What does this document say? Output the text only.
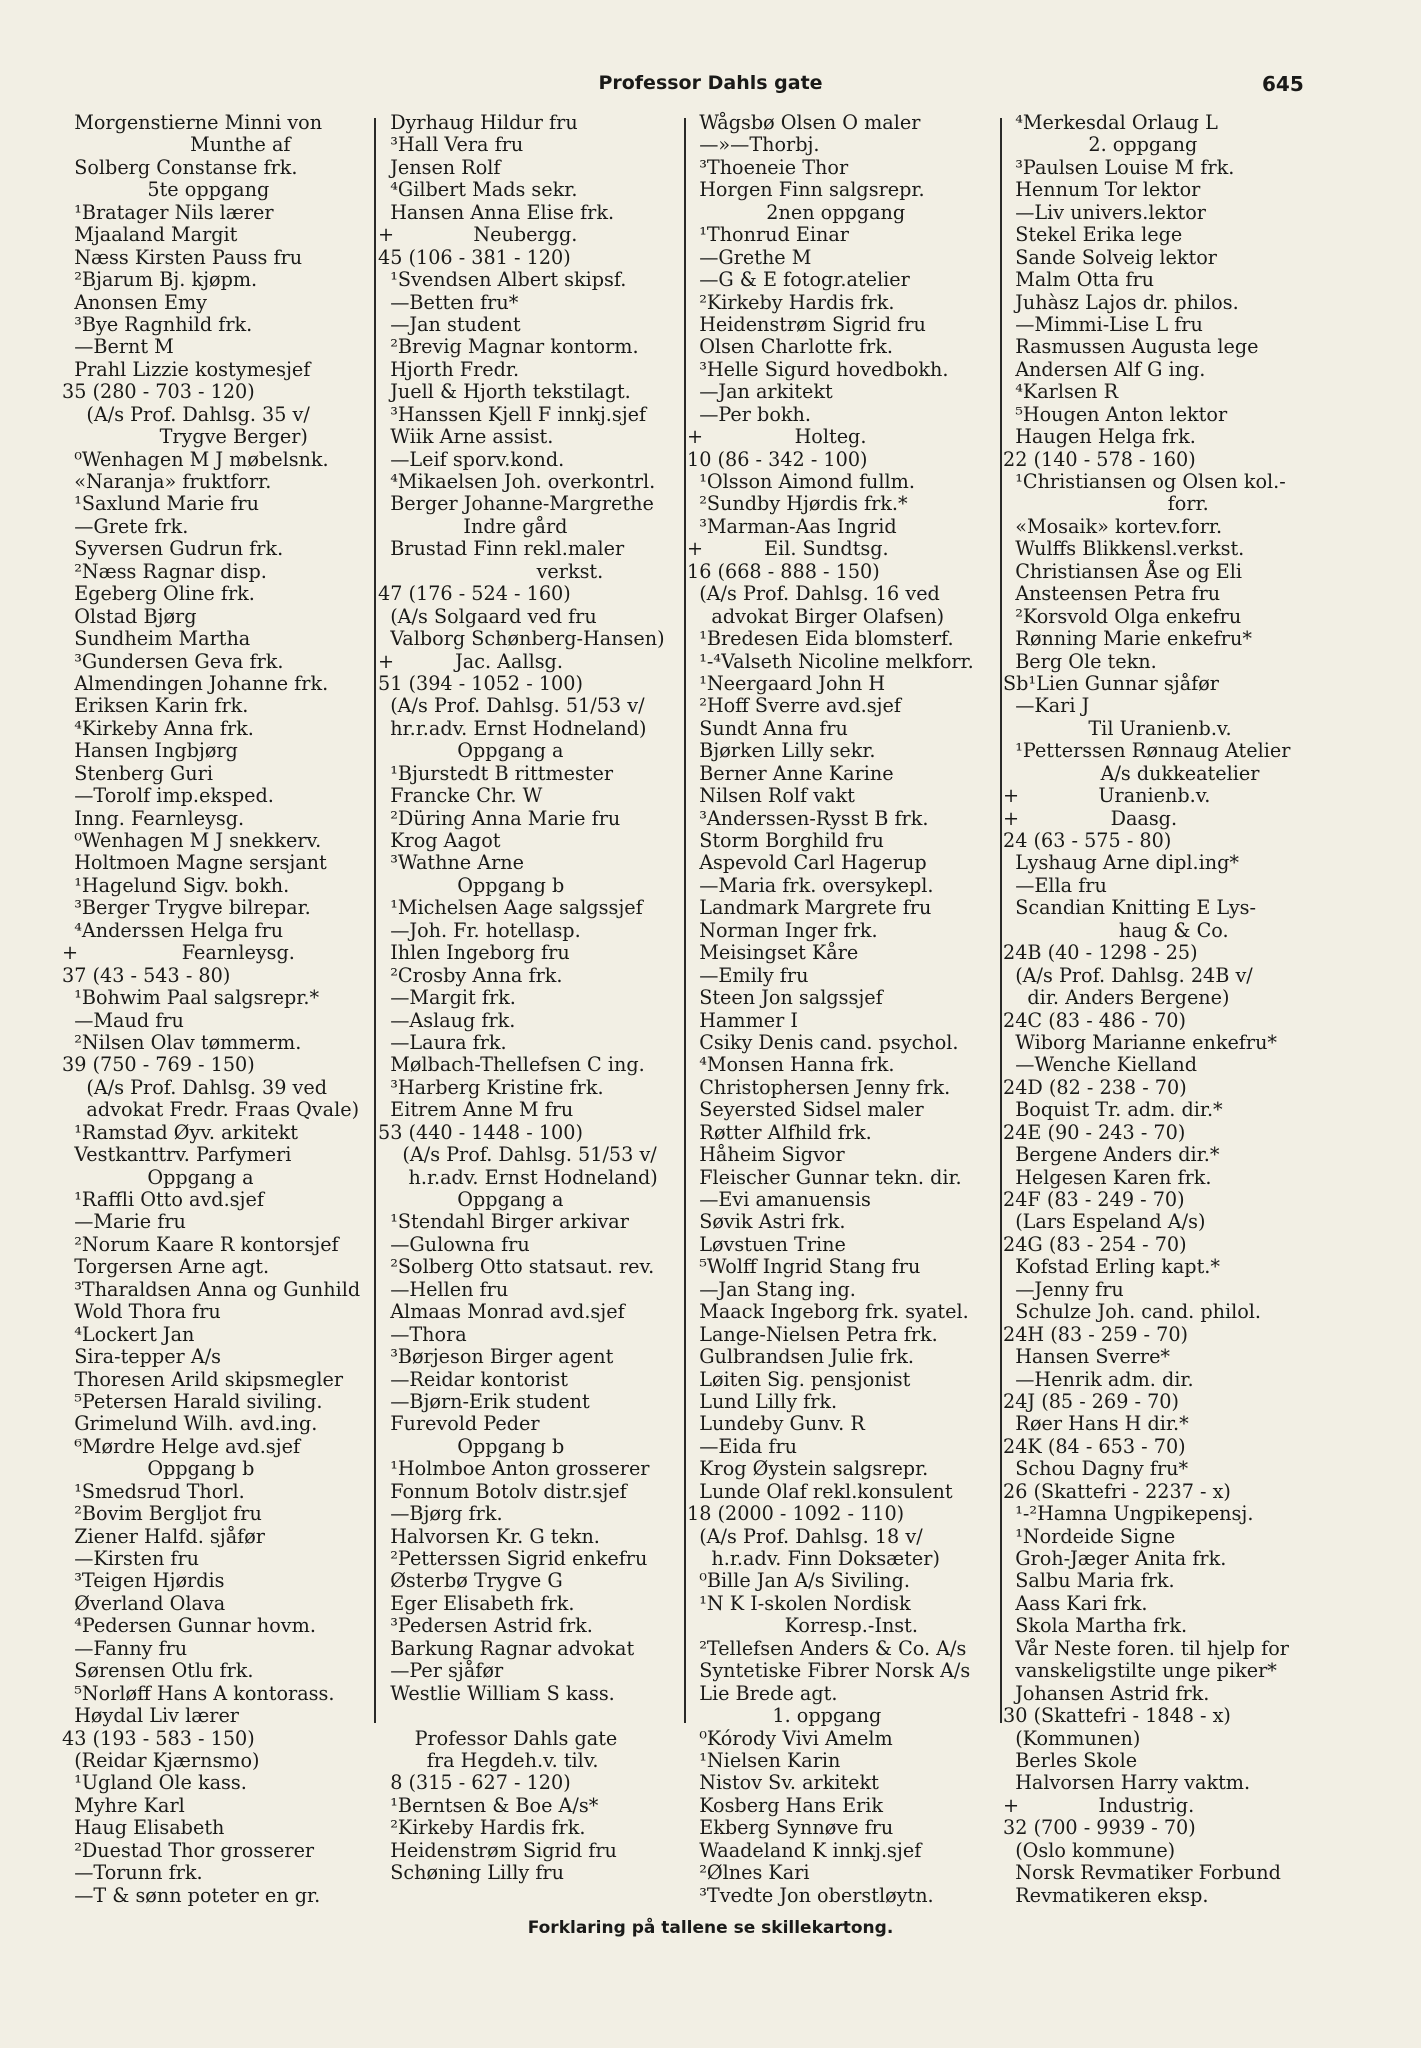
Professor Dahls gate	645
Morgenstierne Minni von
Munthe af
Solberg Constanse frk.
5te oppgang
¹Bratager Nils lærer
Mjaaland Margit
Næss Kirsten Pauss fru
²Bjarum Bj. kjøpm.
Anonsen Emy
³Bye Ragnhild frk.
—Bernt M
Prahl Lizzie kostymesjef
35 (280 - 703 - 120)
(A/s Prof. Dahlsg. 35 v/
Trygve Berger)
⁰Wenhagen M J møbelsnk.
«Naranja» fruktforr.
¹Saxlund Marie fru
—Grete frk.
Syversen Gudrun frk.
²Næss Ragnar disp.
Egeberg Oline frk.
Olstad Bjørg
Sundheim Martha
³Gundersen Geva frk.
Almendingen Johanne frk.
Eriksen Karin frk.
⁴Kirkeby Anna frk.
Hansen Ingbjørg
Stenberg Guri
—Torolf imp.eksped.
Inng. Fearnleysg.
⁰Wenhagen M J snekkerv.
Holtmoen Magne sersjant
¹Hagelund Sigv. bokh.
³Berger Trygve bilrepar.
⁴Anderssen Helga fru
+                 Fearnleysg.
37 (43 - 543 - 80)
¹Bohwim Paal salgsrepr.*
—Maud fru
²Nilsen Olav tømmerm.
39 (750 - 769 - 150)
(A/s Prof. Dahlsg. 39 ved
advokat Fredr. Fraas Qvale)
¹Ramstad Øyv. arkitekt
Vestkanttrv. Parfymeri
Oppgang a
¹Raffli Otto avd.sjef
—Marie fru
²Norum Kaare R kontorsjef
Torgersen Arne agt.
³Tharaldsen Anna og Gunhild
Wold Thora fru
⁴Lockert Jan
Sira-tepper A/s
Thoresen Arild skipsmegler
⁵Petersen Harald siviling.
Grimelund Wilh. avd.ing.
⁶Mørdre Helge avd.sjef
Oppgang b
¹Smedsrud Thorl.
²Bovim Bergljot fru
Ziener Halfd. sjåfør
—Kirsten fru
³Teigen Hjørdis
Øverland Olava
⁴Pedersen Gunnar hovm.
—Fanny fru
Sørensen Otlu frk.
⁵Norløff Hans A kontorass.
Høydal Liv lærer
43 (193 - 583 - 150)
(Reidar Kjærnsmo)
¹Ugland Ole kass.
Myhre Karl
Haug Elisabeth
²Duestad Thor grosserer
—Torunn frk.
—T & sønn poteter en gr.
Dyrhaug Hildur fru
³Hall Vera fru
Jensen Rolf
⁴Gilbert Mads sekr.
Hansen Anna Elise frk.
+             Neubergg.
45 (106 - 381 - 120)
¹Svendsen Albert skipsf.
—Betten fru*
—Jan student
²Brevig Magnar kontorm.
Hjorth Fredr.
Juell & Hjorth tekstilagt.
³Hanssen Kjell F innkj.sjef
Wiik Arne assist.
—Leif sporv.kond.
⁴Mikaelsen Joh. overkontrl.
Berger Johanne-Margrethe
Indre gård
Brustad Finn rekl.maler
verkst.
47 (176 - 524 - 160)
(A/s Solgaard ved fru
Valborg Schønberg-Hansen)
+          Jac. Aallsg.
51 (394 - 1052 - 100)
(A/s Prof. Dahlsg. 51/53 v/
hr.r.adv. Ernst Hodneland)
Oppgang a
¹Bjurstedt B rittmester
Francke Chr. W
²Düring Anna Marie fru
Krog Aagot
³Wathne Arne
Oppgang b
¹Michelsen Aage salgssjef
—Joh. Fr. hotellasp.
Ihlen Ingeborg fru
²Crosby Anna frk.
—Margit frk.
—Aslaug frk.
—Laura frk.
Mølbach-Thellefsen C ing.
³Harberg Kristine frk.
Eitrem Anne M fru
53 (440 - 1448 - 100)
(A/s Prof. Dahlsg. 51/53 v/
h.r.adv. Ernst Hodneland)
Oppgang a
¹Stendahl Birger arkivar
—Gulowna fru
²Solberg Otto statsaut. rev.
—Hellen fru
Almaas Monrad avd.sjef
—Thora
³Børjeson Birger agent
—Reidar kontorist
—Bjørn-Erik student
Furevold Peder
Oppgang b
¹Holmboe Anton grosserer
Fonnum Botolv distr.sjef
—Bjørg frk.
Halvorsen Kr. G tekn.
²Petterssen Sigrid enkefru
Østerbø Trygve G
Eger Elisabeth frk.
³Pedersen Astrid frk.
Barkung Ragnar advokat
—Per sjåfør
Westlie William S kass.
Professor Dahls gate
fra Hegdeh.v. tilv.
8 (315 - 627 - 120)
¹Berntsen & Boe A/s*
²Kirkeby Hardis frk.
Heidenstrøm Sigrid fru
Schøning Lilly fru
Wågsbø Olsen O maler
—»—Thorbj.
³Thoeneie Thor
Horgen Finn salgsrepr.
2nen oppgang
¹Thonrud Einar
—Grethe M
—G & E fotogr.atelier
²Kirkeby Hardis frk.
Heidenstrøm Sigrid fru
Olsen Charlotte frk.
³Helle Sigurd hovedbokh.
—Jan arkitekt
—Per bokh.
+               Holteg.
10 (86 - 342 - 100)
¹Olsson Aimond fullm.
²Sundby Hjørdis frk.*
³Marman-Aas Ingrid
+          Eil. Sundtsg.
16 (668 - 888 - 150)
(A/s Prof. Dahlsg. 16 ved
advokat Birger Olafsen)
¹Bredesen Eida blomsterf.
¹-⁴Valseth Nicoline melkforr.
¹Neergaard John H
²Hoff Sverre avd.sjef
Sundt Anna fru
Bjørken Lilly sekr.
Berner Anne Karine
Nilsen Rolf vakt
³Anderssen-Rysst B frk.
Storm Borghild fru
Aspevold Carl Hagerup
—Maria frk. oversykepl.
Landmark Margrete fru
Norman Inger frk.
Meisingset Kåre
—Emily fru
Steen Jon salgssjef
Hammer I
Csiky Denis cand. psychol.
⁴Monsen Hanna frk.
Christophersen Jenny frk.
Seyersted Sidsel maler
Røtter Alfhild frk.
Håheim Sigvor
Fleischer Gunnar tekn. dir.
—Evi amanuensis
Søvik Astri frk.
Løvstuen Trine
⁵Wolff Ingrid Stang fru
—Jan Stang ing.
Maack Ingeborg frk. syatel.
Lange-Nielsen Petra frk.
Gulbrandsen Julie frk.
Løiten Sig. pensjonist
Lund Lilly frk.
Lundeby Gunv. R
—Eida fru
Krog Øystein salgsrepr.
Lunde Olaf rekl.konsulent
18 (2000 - 1092 - 110)
(A/s Prof. Dahlsg. 18 v/
h.r.adv. Finn Doksæter)
⁰Bille Jan A/s Siviling.
¹N K I-skolen Nordisk
Korresp.-Inst.
²Tellefsen Anders & Co. A/s
Syntetiske Fibrer Norsk A/s
Lie Brede agt.
1. oppgang
⁰Kórody Vivi Amelm
¹Nielsen Karin
Nistov Sv. arkitekt
Kosberg Hans Erik
Ekberg Synnøve fru
Waadeland K innkj.sjef
²Ølnes Kari
³Tvedte Jon oberstløytn.
⁴Merkesdal Orlaug L
2. oppgang
³Paulsen Louise M frk.
Hennum Tor lektor
—Liv univers.lektor
Stekel Erika lege
Sande Solveig lektor
Malm Otta fru
Juhàsz Lajos dr. philos.
—Mimmi-Lise L fru
Rasmussen Augusta lege
Andersen Alf G ing.
⁴Karlsen R
⁵Hougen Anton lektor
Haugen Helga frk.
22 (140 - 578 - 160)
¹Christiansen og Olsen kol.-
forr.
«Mosaik» kortev.forr.
Wulffs Blikkensl.verkst.
Christiansen Åse og Eli
Ansteensen Petra fru
²Korsvold Olga enkefru
Rønning Marie enkefru*
Berg Ole tekn.
Sb¹Lien Gunnar sjåfør
—Kari J
Til Uranienb.v.
¹Petterssen Rønnaug Atelier
A/s dukkeatelier
+             Uranienb.v.
+               Daasg.
24 (63 - 575 - 80)
Lyshaug Arne dipl.ing*
—Ella fru
Scandian Knitting E Lys-
haug & Co.
24B (40 - 1298 - 25)
(A/s Prof. Dahlsg. 24B v/
dir. Anders Bergene)
24C (83 - 486 - 70)
Wiborg Marianne enkefru*
—Wenche Kielland
24D (82 - 238 - 70)
Boquist Tr. adm. dir.*
24E (90 - 243 - 70)
Bergene Anders dir.*
Helgesen Karen frk.
24F (83 - 249 - 70)
(Lars Espeland A/s)
24G (83 - 254 - 70)
Kofstad Erling kapt.*
—Jenny fru
Schulze Joh. cand. philol.
24H (83 - 259 - 70)
Hansen Sverre*
—Henrik adm. dir.
24J (85 - 269 - 70)
Røer Hans H dir.*
24K (84 - 653 - 70)
Schou Dagny fru*
26 (Skattefri - 2237 - x)
¹-²Hamna Ungpikepensj.
¹Nordeide Signe
Groh-Jæger Anita frk.
Salbu Maria frk.
Aass Kari frk.
Skola Martha frk.
Vår Neste foren. til hjelp for
vanskeligstilte unge piker*
Johansen Astrid frk.
30 (Skattefri - 1848 - x)
(Kommunen)
Berles Skole
Halvorsen Harry vaktm.
+             Industrig.
32 (700 - 9939 - 70)
(Oslo kommune)
Norsk Revmatiker Forbund
Revmatikeren eksp.
Forklaring på tallene se skillekartong.
